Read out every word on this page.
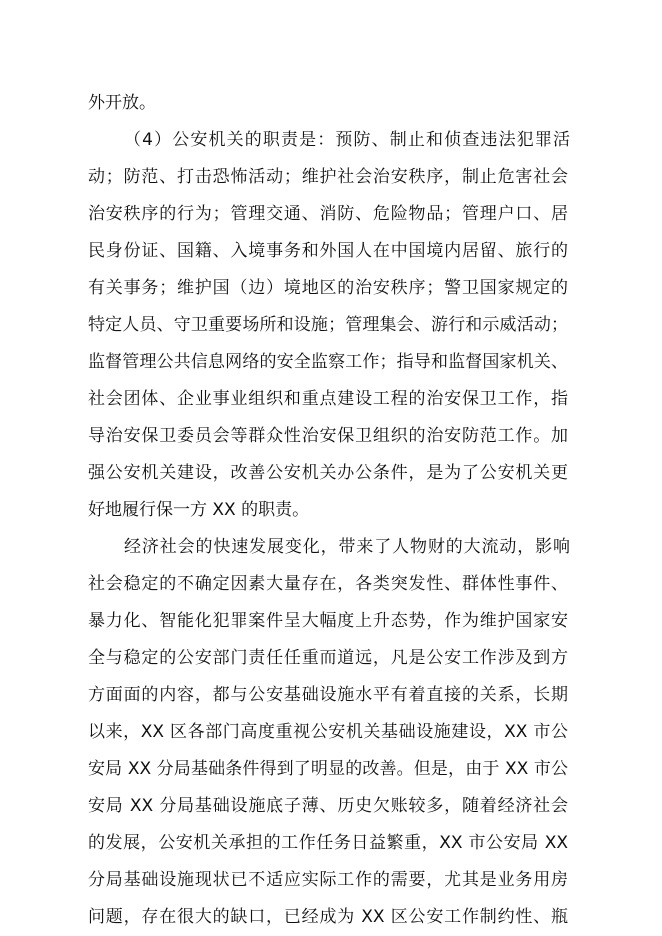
外开放。
（4）公安机关的职责是：预防、制止和侦查违法犯罪活
动；防范、打击恐怖活动；维护社会治安秩序，制止危害社会
治安秩序的行为；管理交通、消防、危险物品；管理户口、居
民身份证、国籍、入境事务和外国人在中国境内居留、旅行的
有关事务；维护国（边）境地区的治安秩序；警卫国家规定的
特定人员、守卫重要场所和设施；管理集会、游行和示威活动；
监督管理公共信息网络的安全监察工作；指导和监督国家机关、
社会团体、企业事业组织和重点建设工程的治安保卫工作，指
导治安保卫委员会等群众性治安保卫组织的治安防范工作。加
强公安机关建设，改善公安机关办公条件，是为了公安机关更
好地履行保一方 XX 的职责。
经济社会的快速发展变化，带来了人物财的大流动，影响
社会稳定的不确定因素大量存在，各类突发性、群体性事件、
暴力化、智能化犯罪案件呈大幅度上升态势，作为维护国家安
全与稳定的公安部门责任任重而道远，凡是公安工作涉及到方
方面面的内容，都与公安基础设施水平有着直接的关系，长期
以来，XX 区各部门高度重视公安机关基础设施建设，XX 市公
安局 XX 分局基础条件得到了明显的改善。但是，由于 XX 市公
安局 XX 分局基础设施底子薄、历史欠账较多，随着经济社会
的发展，公安机关承担的工作任务日益繁重，XX 市公安局 XX
分局基础设施现状已不适应实际工作的需要，尤其是业务用房
问题，存在很大的缺口，已经成为 XX 区公安工作制约性、瓶
